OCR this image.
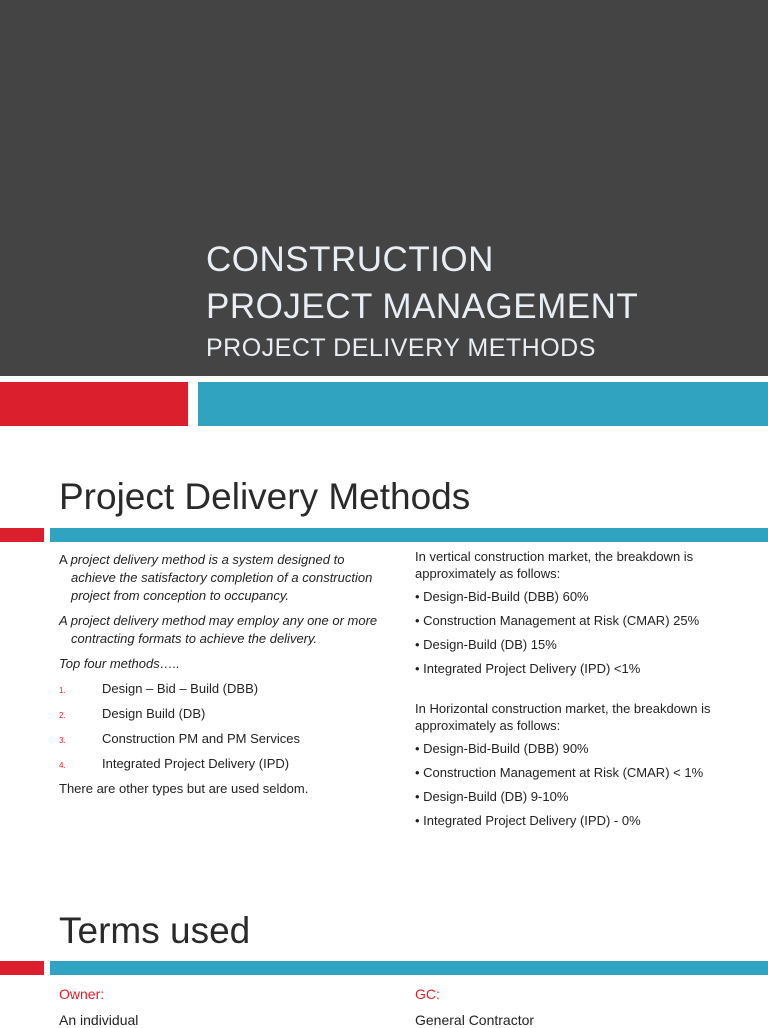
CONSTRUCTION
PROJECT MANAGEMENT
PROJECT DELIVERY METHODS
Project Delivery Methods

A project delivery method is a system designed to achieve the satisfactory completion of a construction project from conception to occupancy.

A project delivery method may employ any one or more contracting formats to achieve the delivery.

Top four methods…..

1.	Design – Bid – Build (DBB)
2.	Design Build (DB)
3.	Construction PM and PM Services
4.	Integrated Project Delivery (IPD)

There are other types but are used seldom.

In vertical construction market, the breakdown is approximately as follows:

• Design-Bid-Build (DBB) 60%

• Construction Management at Risk (CMAR) 25%

• Design-Build (DB) 15%

• Integrated Project Delivery (IPD) <1%

In Horizontal construction market, the breakdown is approximately as follows:

• Design-Bid-Build (DBB) 90%

• Construction Management at Risk (CMAR) < 1%

• Design-Build (DB) 9-10%

• Integrated Project Delivery (IPD) - 0%

Terms used
Owner:
An individual
GC:
General Contractor
